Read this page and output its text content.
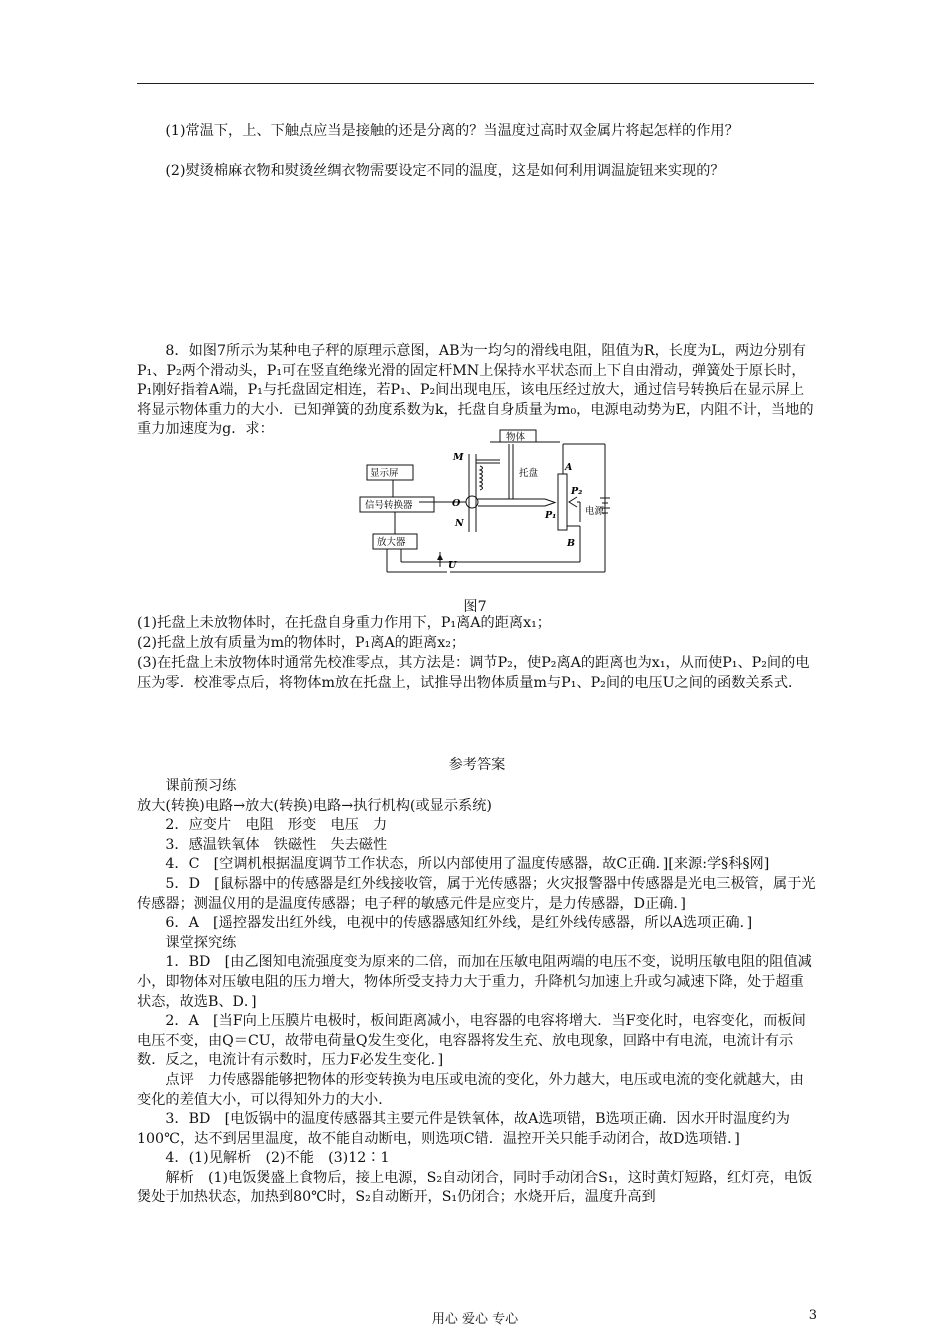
(1)常温下，上、下触点应当是接触的还是分离的？当温度过高时双金属片将起怎样的作用？

(2)熨烫棉麻衣物和熨烫丝绸衣物需要设定不同的温度，这是如何利用调温旋钮来实现的？

8．如图7所示为某种电子秤的原理示意图，AB为一均匀的滑线电阻，阻值为R，长度为L，两边分别有P₁、P₂两个滑动头，P₁可在竖直绝缘光滑的固定杆MN上保持水平状态而上下自由滑动，弹簧处于原长时，P₁刚好指着A端，P₁与托盘固定相连，若P₁、P₂间出现电压，该电压经过放大，通过信号转换后在显示屏上将显示物体重力的大小．已知弹簧的劲度系数为k，托盘自身质量为m₀，电源电动势为E，内阻不计，当地的重力加速度为g．求：

显示屏
信号转换器
放大器
物体
托盘
电源
M
N
O
A
B
P₁
P₂
U
图7

(1)托盘上未放物体时，在托盘自身重力作用下，P₁离A的距离x₁；

(2)托盘上放有质量为m的物体时，P₁离A的距离x₂；

(3)在托盘上未放物体时通常先校准零点，其方法是：调节P₂，使P₂离A的距离也为x₁，从而使P₁、P₂间的电压为零．校准零点后，将物体m放在托盘上，试推导出物体质量m与P₁、P₂间的电压U之间的函数关系式．

参考答案
课前预习练
放大(转换)电路→放大(转换)电路→执行机构(或显示系统)
2．应变片　电阻　形变　电压　力
3．感温铁氧体　铁磁性　失去磁性
4．C　[空调机根据温度调节工作状态，所以内部使用了温度传感器，故C正确．][来源:学§科§网]
5．D　[鼠标器中的传感器是红外线接收管，属于光传感器；火灾报警器中传感器是光电三极管，属于光传感器；测温仪用的是温度传感器；电子秤的敏感元件是应变片，是力传感器，D正确．]
6．A　[遥控器发出红外线，电视中的传感器感知红外线，是红外线传感器，所以A选项正确．]
课堂探究练
1．BD　[由乙图知电流强度变为原来的二倍，而加在压敏电阻两端的电压不变，说明压敏电阻的阻值减小，即物体对压敏电阻的压力增大，物体所受支持力大于重力，升降机匀加速上升或匀减速下降，处于超重状态，故选B、D．]
2．A　[当F向上压膜片电极时，板间距离减小，电容器的电容将增大．当F变化时，电容变化，而板间电压不变，由Q＝CU，故带电荷量Q发生变化，电容器将发生充、放电现象，回路中有电流，电流计有示数．反之，电流计有示数时，压力F必发生变化．]
点评　力传感器能够把物体的形变转换为电压或电流的变化，外力越大，电压或电流的变化就越大，由变化的差值大小，可以得知外力的大小．
3．BD　[电饭锅中的温度传感器其主要元件是铁氧体，故A选项错，B选项正确．因水开时温度约为100℃，达不到居里温度，故不能自动断电，则选项C错．温控开关只能手动闭合，故D选项错．]
4．(1)见解析　(2)不能　(3)12∶1
解析　(1)电饭煲盛上食物后，接上电源，S₂自动闭合，同时手动闭合S₁，这时黄灯短路，红灯亮，电饭煲处于加热状态，加热到80℃时，S₂自动断开，S₁仍闭合；水烧开后，温度升高到
用心 爱心 专心	3
